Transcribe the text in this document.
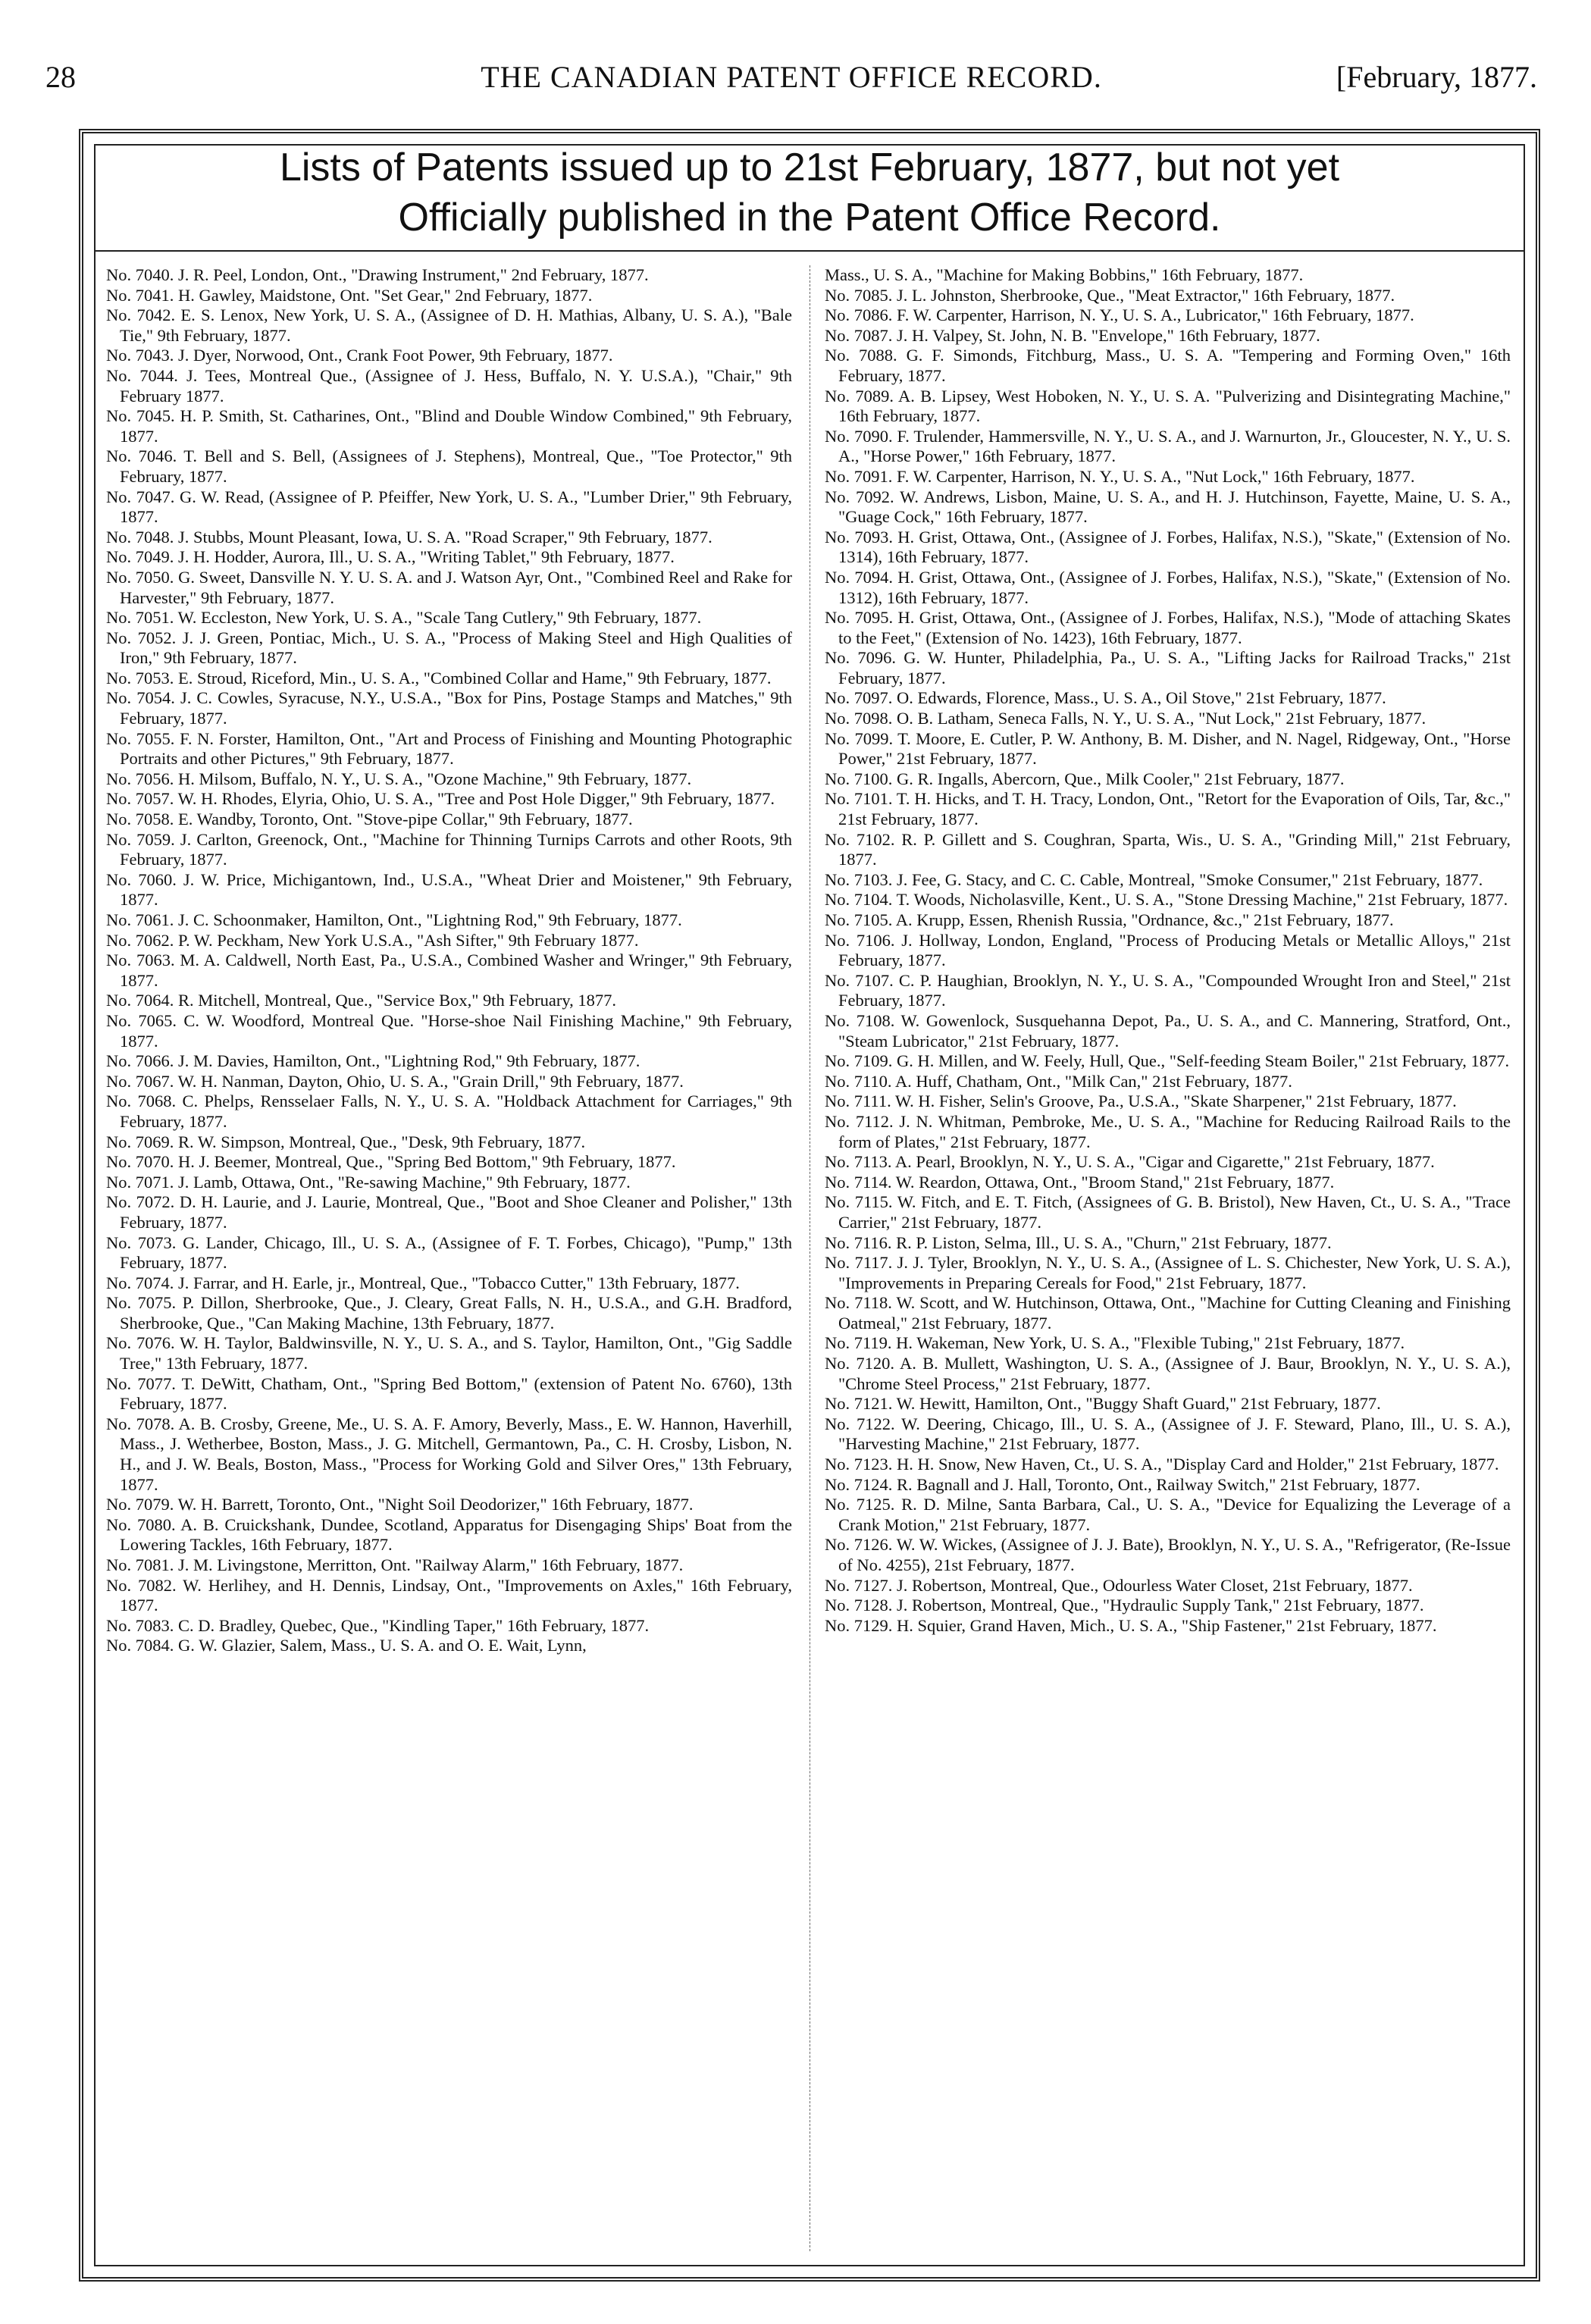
28	THE CANADIAN PATENT OFFICE RECORD.	[February, 1877.
Lists of Patents issued up to 21st February, 1877, but not yet
Officially published in the Patent Office Record.

No. 7040. J. R. Peel, London, Ont., "Drawing Instrument," 2nd February, 1877.

No. 7041. H. Gawley, Maidstone, Ont. "Set Gear," 2nd February, 1877.

No. 7042. E. S. Lenox, New York, U. S. A., (Assignee of D. H. Mathias, Albany, U. S. A.), "Bale Tie," 9th February, 1877.

No. 7043. J. Dyer, Norwood, Ont., Crank Foot Power, 9th February, 1877.

No. 7044. J. Tees, Montreal Que., (Assignee of J. Hess, Buffalo, N. Y. U.S.A.), "Chair," 9th February 1877.

No. 7045. H. P. Smith, St. Catharines, Ont., "Blind and Double Window Combined," 9th February, 1877.

No. 7046. T. Bell and S. Bell, (Assignees of J. Stephens), Montreal, Que., "Toe Protector," 9th February, 1877.

No. 7047. G. W. Read, (Assignee of P. Pfeiffer, New York, U. S. A., "Lumber Drier," 9th February, 1877.

No. 7048. J. Stubbs, Mount Pleasant, Iowa, U. S. A. "Road Scraper," 9th February, 1877.

No. 7049. J. H. Hodder, Aurora, Ill., U. S. A., "Writing Tablet," 9th February, 1877.

No. 7050. G. Sweet, Dansville N. Y. U. S. A. and J. Watson Ayr, Ont., "Combined Reel and Rake for Harvester," 9th February, 1877.

No. 7051. W. Eccleston, New York, U. S. A., "Scale Tang Cutlery," 9th February, 1877.

No. 7052. J. J. Green, Pontiac, Mich., U. S. A., "Process of Making Steel and High Qualities of Iron," 9th February, 1877.

No. 7053. E. Stroud, Riceford, Min., U. S. A., "Combined Collar and Hame," 9th February, 1877.

No. 7054. J. C. Cowles, Syracuse, N.Y., U.S.A., "Box for Pins, Postage Stamps and Matches," 9th February, 1877.

No. 7055. F. N. Forster, Hamilton, Ont., "Art and Process of Finishing and Mounting Photographic Portraits and other Pictures," 9th February, 1877.

No. 7056. H. Milsom, Buffalo, N. Y., U. S. A., "Ozone Machine," 9th February, 1877.

No. 7057. W. H. Rhodes, Elyria, Ohio, U. S. A., "Tree and Post Hole Digger," 9th February, 1877.

No. 7058. E. Wandby, Toronto, Ont. "Stove-pipe Collar," 9th February, 1877.

No. 7059. J. Carlton, Greenock, Ont., "Machine for Thinning Turnips Carrots and other Roots, 9th February, 1877.

No. 7060. J. W. Price, Michigantown, Ind., U.S.A., "Wheat Drier and Moistener," 9th February, 1877.

No. 7061. J. C. Schoonmaker, Hamilton, Ont., "Lightning Rod," 9th February, 1877.

No. 7062. P. W. Peckham, New York U.S.A., "Ash Sifter," 9th February 1877.

No. 7063. M. A. Caldwell, North East, Pa., U.S.A., Combined Washer and Wringer," 9th February, 1877.

No. 7064. R. Mitchell, Montreal, Que., "Service Box," 9th February, 1877.

No. 7065. C. W. Woodford, Montreal Que. "Horse-shoe Nail Finishing Machine," 9th February, 1877.

No. 7066. J. M. Davies, Hamilton, Ont., "Lightning Rod," 9th February, 1877.

No. 7067. W. H. Nanman, Dayton, Ohio, U. S. A., "Grain Drill," 9th February, 1877.

No. 7068. C. Phelps, Rensselaer Falls, N. Y., U. S. A. "Holdback Attachment for Carriages," 9th February, 1877.

No. 7069. R. W. Simpson, Montreal, Que., "Desk, 9th February, 1877.

No. 7070. H. J. Beemer, Montreal, Que., "Spring Bed Bottom," 9th February, 1877.

No. 7071. J. Lamb, Ottawa, Ont., "Re-sawing Machine," 9th February, 1877.

No. 7072. D. H. Laurie, and J. Laurie, Montreal, Que., "Boot and Shoe Cleaner and Polisher," 13th February, 1877.

No. 7073. G. Lander, Chicago, Ill., U. S. A., (Assignee of F. T. Forbes, Chicago), "Pump," 13th February, 1877.

No. 7074. J. Farrar, and H. Earle, jr., Montreal, Que., "Tobacco Cutter," 13th February, 1877.

No. 7075. P. Dillon, Sherbrooke, Que., J. Cleary, Great Falls, N. H., U.S.A., and G.H. Bradford, Sherbrooke, Que., "Can Making Machine, 13th February, 1877.

No. 7076. W. H. Taylor, Baldwinsville, N. Y., U. S. A., and S. Taylor, Hamilton, Ont., "Gig Saddle Tree," 13th February, 1877.

No. 7077. T. DeWitt, Chatham, Ont., "Spring Bed Bottom," (extension of Patent No. 6760), 13th February, 1877.

No. 7078. A. B. Crosby, Greene, Me., U. S. A. F. Amory, Beverly, Mass., E. W. Hannon, Haverhill, Mass., J. Wetherbee, Boston, Mass., J. G. Mitchell, Germantown, Pa., C. H. Crosby, Lisbon, N. H., and J. W. Beals, Boston, Mass., "Process for Working Gold and Silver Ores," 13th February, 1877.

No. 7079. W. H. Barrett, Toronto, Ont., "Night Soil Deodorizer," 16th February, 1877.

No. 7080. A. B. Cruickshank, Dundee, Scotland, Apparatus for Disengaging Ships' Boat from the Lowering Tackles, 16th February, 1877.

No. 7081. J. M. Livingstone, Merritton, Ont. "Railway Alarm," 16th February, 1877.

No. 7082. W. Herlihey, and H. Dennis, Lindsay, Ont., "Improvements on Axles," 16th February, 1877.

No. 7083. C. D. Bradley, Quebec, Que., "Kindling Taper," 16th February, 1877.

No. 7084. G. W. Glazier, Salem, Mass., U. S. A. and O. E. Wait, Lynn,

Mass., U. S. A., "Machine for Making Bobbins," 16th February, 1877.

No. 7085. J. L. Johnston, Sherbrooke, Que., "Meat Extractor," 16th February, 1877.

No. 7086. F. W. Carpenter, Harrison, N. Y., U. S. A., Lubricator," 16th February, 1877.

No. 7087. J. H. Valpey, St. John, N. B. "Envelope," 16th February, 1877.

No. 7088. G. F. Simonds, Fitchburg, Mass., U. S. A. "Tempering and Forming Oven," 16th February, 1877.

No. 7089. A. B. Lipsey, West Hoboken, N. Y., U. S. A. "Pulverizing and Disintegrating Machine," 16th February, 1877.

No. 7090. F. Trulender, Hammersville, N. Y., U. S. A., and J. Warnurton, Jr., Gloucester, N. Y., U. S. A., "Horse Power," 16th February, 1877.

No. 7091. F. W. Carpenter, Harrison, N. Y., U. S. A., "Nut Lock," 16th February, 1877.

No. 7092. W. Andrews, Lisbon, Maine, U. S. A., and H. J. Hutchinson, Fayette, Maine, U. S. A., "Guage Cock," 16th February, 1877.

No. 7093. H. Grist, Ottawa, Ont., (Assignee of J. Forbes, Halifax, N.S.), "Skate," (Extension of No. 1314), 16th February, 1877.

No. 7094. H. Grist, Ottawa, Ont., (Assignee of J. Forbes, Halifax, N.S.), "Skate," (Extension of No. 1312), 16th February, 1877.

No. 7095. H. Grist, Ottawa, Ont., (Assignee of J. Forbes, Halifax, N.S.), "Mode of attaching Skates to the Feet," (Extension of No. 1423), 16th February, 1877.

No. 7096. G. W. Hunter, Philadelphia, Pa., U. S. A., "Lifting Jacks for Railroad Tracks," 21st February, 1877.

No. 7097. O. Edwards, Florence, Mass., U. S. A., Oil Stove," 21st February, 1877.

No. 7098. O. B. Latham, Seneca Falls, N. Y., U. S. A., "Nut Lock," 21st February, 1877.

No. 7099. T. Moore, E. Cutler, P. W. Anthony, B. M. Disher, and N. Nagel, Ridgeway, Ont., "Horse Power," 21st February, 1877.

No. 7100. G. R. Ingalls, Abercorn, Que., Milk Cooler," 21st February, 1877.

No. 7101. T. H. Hicks, and T. H. Tracy, London, Ont., "Retort for the Evaporation of Oils, Tar, &c.," 21st February, 1877.

No. 7102. R. P. Gillett and S. Coughran, Sparta, Wis., U. S. A., "Grinding Mill," 21st February, 1877.

No. 7103. J. Fee, G. Stacy, and C. C. Cable, Montreal, "Smoke Consumer," 21st February, 1877.

No. 7104. T. Woods, Nicholasville, Kent., U. S. A., "Stone Dressing Machine," 21st February, 1877.

No. 7105. A. Krupp, Essen, Rhenish Russia, "Ordnance, &c.," 21st February, 1877.

No. 7106. J. Hollway, London, England, "Process of Producing Metals or Metallic Alloys," 21st February, 1877.

No. 7107. C. P. Haughian, Brooklyn, N. Y., U. S. A., "Compounded Wrought Iron and Steel," 21st February, 1877.

No. 7108. W. Gowenlock, Susquehanna Depot, Pa., U. S. A., and C. Mannering, Stratford, Ont., "Steam Lubricator," 21st February, 1877.

No. 7109. G. H. Millen, and W. Feely, Hull, Que., "Self-feeding Steam Boiler," 21st February, 1877.

No. 7110. A. Huff, Chatham, Ont., "Milk Can," 21st February, 1877.

No. 7111. W. H. Fisher, Selin's Groove, Pa., U.S.A., "Skate Sharpener," 21st February, 1877.

No. 7112. J. N. Whitman, Pembroke, Me., U. S. A., "Machine for Reducing Railroad Rails to the form of Plates," 21st February, 1877.

No. 7113. A. Pearl, Brooklyn, N. Y., U. S. A., "Cigar and Cigarette," 21st February, 1877.

No. 7114. W. Reardon, Ottawa, Ont., "Broom Stand," 21st February, 1877.

No. 7115. W. Fitch, and E. T. Fitch, (Assignees of G. B. Bristol), New Haven, Ct., U. S. A., "Trace Carrier," 21st February, 1877.

No. 7116. R. P. Liston, Selma, Ill., U. S. A., "Churn," 21st February, 1877.

No. 7117. J. J. Tyler, Brooklyn, N. Y., U. S. A., (Assignee of L. S. Chichester, New York, U. S. A.), "Improvements in Preparing Cereals for Food," 21st February, 1877.

No. 7118. W. Scott, and W. Hutchinson, Ottawa, Ont., "Machine for Cutting Cleaning and Finishing Oatmeal," 21st February, 1877.

No. 7119. H. Wakeman, New York, U. S. A., "Flexible Tubing," 21st February, 1877.

No. 7120. A. B. Mullett, Washington, U. S. A., (Assignee of J. Baur, Brooklyn, N. Y., U. S. A.), "Chrome Steel Process," 21st February, 1877.

No. 7121. W. Hewitt, Hamilton, Ont., "Buggy Shaft Guard," 21st February, 1877.

No. 7122. W. Deering, Chicago, Ill., U. S. A., (Assignee of J. F. Steward, Plano, Ill., U. S. A.), "Harvesting Machine," 21st February, 1877.

No. 7123. H. H. Snow, New Haven, Ct., U. S. A., "Display Card and Holder," 21st February, 1877.

No. 7124. R. Bagnall and J. Hall, Toronto, Ont., Railway Switch," 21st February, 1877.

No. 7125. R. D. Milne, Santa Barbara, Cal., U. S. A., "Device for Equalizing the Leverage of a Crank Motion," 21st February, 1877.

No. 7126. W. W. Wickes, (Assignee of J. J. Bate), Brooklyn, N. Y., U. S. A., "Refrigerator, (Re-Issue of No. 4255), 21st February, 1877.

No. 7127. J. Robertson, Montreal, Que., Odourless Water Closet, 21st February, 1877.

No. 7128. J. Robertson, Montreal, Que., "Hydraulic Supply Tank," 21st February, 1877.

No. 7129. H. Squier, Grand Haven, Mich., U. S. A., "Ship Fastener," 21st February, 1877.
